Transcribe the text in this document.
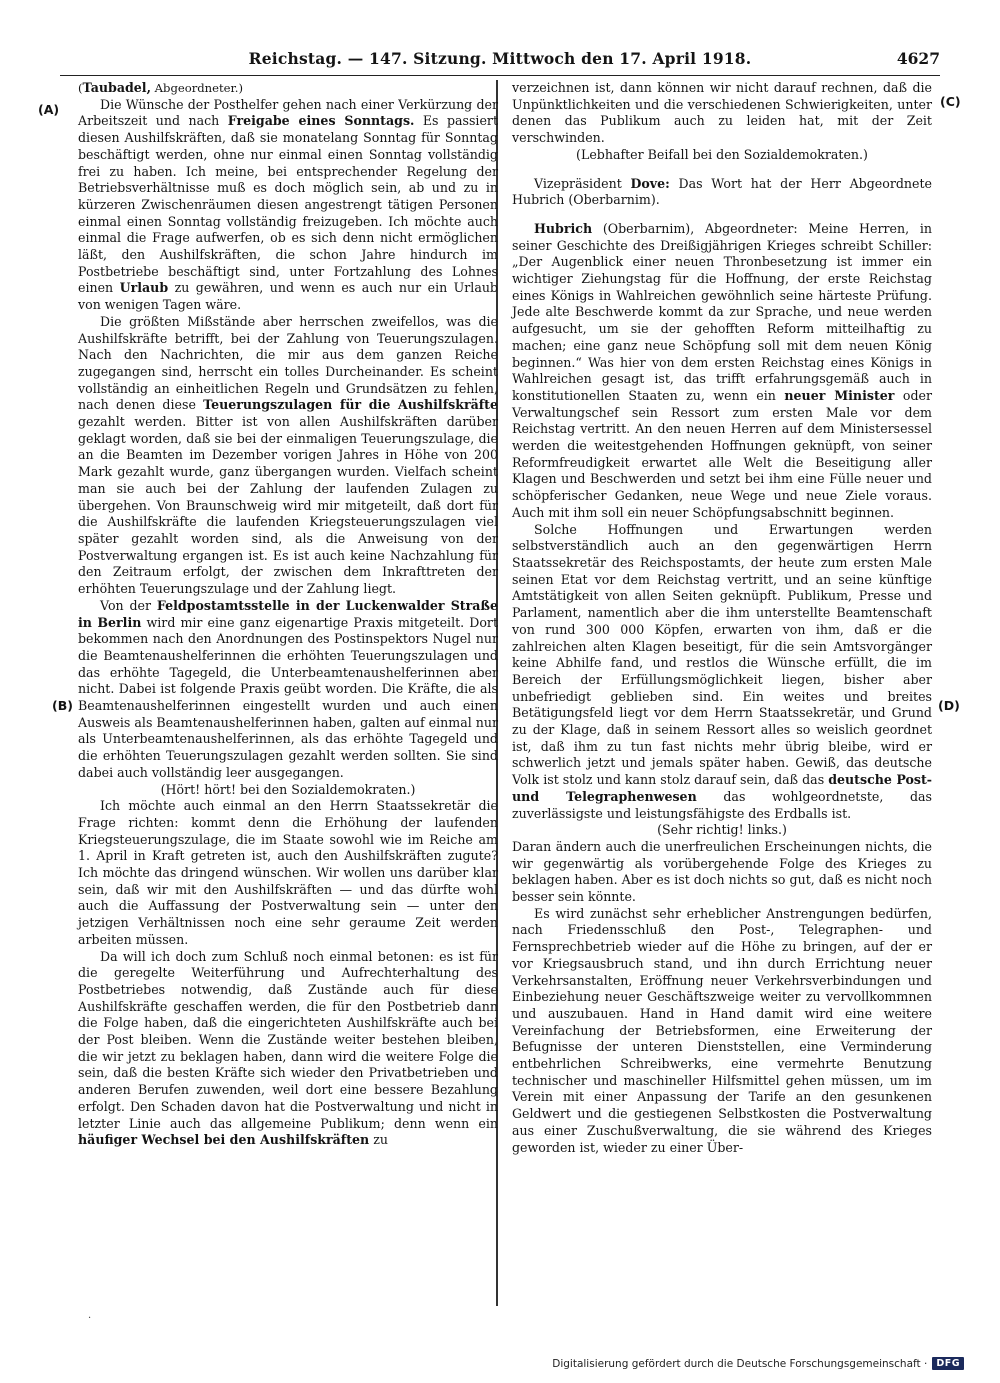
Reichstag. — 147. Sitzung. Mittwoch den 17. April 1918.	4627
(A)
(B)
(C)
(D)

(Taubadel, Abgeordneter.)

Die Wünsche der Posthelfer gehen nach einer Verkürzung der Arbeitszeit und nach Freigabe eines Sonntags. Es passiert diesen Aushilfskräften, daß sie monatelang Sonntag für Sonntag beschäftigt werden, ohne nur einmal einen Sonntag vollständig frei zu haben. Ich meine, bei entsprechender Regelung der Betriebsverhältnisse muß es doch möglich sein, ab und zu in kürzeren Zwischenräumen diesen angestrengt tätigen Personen einmal einen Sonntag vollständig freizugeben. Ich möchte auch einmal die Frage aufwerfen, ob es sich denn nicht ermöglichen läßt, den Aushilfskräften, die schon Jahre hindurch im Postbetriebe beschäftigt sind, unter Fortzahlung des Lohnes einen Urlaub zu gewähren, und wenn es auch nur ein Urlaub von wenigen Tagen wäre.

Die größten Mißstände aber herrschen zweifellos, was die Aushilfskräfte betrifft, bei der Zahlung von Teuerungszulagen. Nach den Nachrichten, die mir aus dem ganzen Reiche zugegangen sind, herrscht ein tolles Durcheinander. Es scheint vollständig an einheitlichen Regeln und Grundsätzen zu fehlen, nach denen diese Teuerungszulagen für die Aushilfskräfte gezahlt werden. Bitter ist von allen Aushilfskräften darüber geklagt worden, daß sie bei der einmaligen Teuerungszulage, die an die Beamten im Dezember vorigen Jahres in Höhe von 200 Mark gezahlt wurde, ganz übergangen wurden. Vielfach scheint man sie auch bei der Zahlung der laufenden Zulagen zu übergehen. Von Braunschweig wird mir mitgeteilt, daß dort für die Aushilfskräfte die laufenden Kriegsteuerungszulagen viel später gezahlt worden sind, als die Anweisung von der Postverwaltung ergangen ist. Es ist auch keine Nachzahlung für den Zeitraum erfolgt, der zwischen dem Inkrafttreten der erhöhten Teuerungszulage und der Zahlung liegt.

Von der Feldpostamtsstelle in der Luckenwalder Straße in Berlin wird mir eine ganz eigenartige Praxis mitgeteilt. Dort bekommen nach den Anordnungen des Postinspektors Nugel nur die Beamtenaushelferinnen die erhöhten Teuerungszulagen und das erhöhte Tagegeld, die Unterbeamtenaushelferinnen aber nicht. Dabei ist folgende Praxis geübt worden. Die Kräfte, die als Beamtenaushelferinnen eingestellt wurden und auch einen Ausweis als Beamtenaushelferinnen haben, galten auf einmal nur als Unterbeamtenaushelferinnen, als das erhöhte Tagegeld und die erhöhten Teuerungszulagen gezahlt werden sollten. Sie sind dabei auch vollständig leer ausgegangen.

(Hört! hört! bei den Sozialdemokraten.)

Ich möchte auch einmal an den Herrn Staatssekretär die Frage richten: kommt denn die Erhöhung der laufenden Kriegsteuerungszulage, die im Staate sowohl wie im Reiche am 1. April in Kraft getreten ist, auch den Aushilfskräften zugute? Ich möchte das dringend wünschen. Wir wollen uns darüber klar sein, daß wir mit den Aushilfskräften — und das dürfte wohl auch die Auffassung der Postverwaltung sein — unter den jetzigen Verhältnissen noch eine sehr geraume Zeit werden arbeiten müssen.

Da will ich doch zum Schluß noch einmal betonen: es ist für die geregelte Weiterführung und Aufrechterhaltung des Postbetriebes notwendig, daß Zustände auch für diese Aushilfskräfte geschaffen werden, die für den Postbetrieb dann die Folge haben, daß die eingerichteten Aushilfskräfte auch bei der Post bleiben. Wenn die Zustände weiter bestehen bleiben, die wir jetzt zu beklagen haben, dann wird die weitere Folge die sein, daß die besten Kräfte sich wieder den Privatbetrieben und anderen Berufen zuwenden, weil dort eine bessere Bezahlung erfolgt. Den Schaden davon hat die Postverwaltung und nicht in letzter Linie auch das allgemeine Publikum; denn wenn ein häufiger Wechsel bei den Aushilfskräften zu

verzeichnen ist, dann können wir nicht darauf rechnen, daß die Unpünktlichkeiten und die verschiedenen Schwierigkeiten, unter denen das Publikum auch zu leiden hat, mit der Zeit verschwinden.

(Lebhafter Beifall bei den Sozialdemokraten.)

Vizepräsident Dove: Das Wort hat der Herr Abgeordnete Hubrich (Oberbarnim).

Hubrich (Oberbarnim), Abgeordneter: Meine Herren, in seiner Geschichte des Dreißigjährigen Krieges schreibt Schiller: „Der Augenblick einer neuen Thronbesetzung ist immer ein wichtiger Ziehungstag für die Hoffnung, der erste Reichstag eines Königs in Wahlreichen gewöhnlich seine härteste Prüfung. Jede alte Beschwerde kommt da zur Sprache, und neue werden aufgesucht, um sie der gehofften Reform mitteilhaftig zu machen; eine ganz neue Schöpfung soll mit dem neuen König beginnen.“ Was hier von dem ersten Reichstag eines Königs in Wahlreichen gesagt ist, das trifft erfahrungsgemäß auch in konstitutionellen Staaten zu, wenn ein neuer Minister oder Verwaltungschef sein Ressort zum ersten Male vor dem Reichstag vertritt. An den neuen Herren auf dem Ministersessel werden die weitestgehenden Hoffnungen geknüpft, von seiner Reformfreudigkeit erwartet alle Welt die Beseitigung aller Klagen und Beschwerden und setzt bei ihm eine Fülle neuer und schöpferischer Gedanken, neue Wege und neue Ziele voraus. Auch mit ihm soll ein neuer Schöpfungsabschnitt beginnen.

Solche Hoffnungen und Erwartungen werden selbstverständlich auch an den gegenwärtigen Herrn Staatssekretär des Reichspostamts, der heute zum ersten Male seinen Etat vor dem Reichstag vertritt, und an seine künftige Amtstätigkeit von allen Seiten geknüpft. Publikum, Presse und Parlament, namentlich aber die ihm unterstellte Beamtenschaft von rund 300 000 Köpfen, erwarten von ihm, daß er die zahlreichen alten Klagen beseitigt, für die sein Amtsvorgänger keine Abhilfe fand, und restlos die Wünsche erfüllt, die im Bereich der Erfüllungsmöglichkeit liegen, bisher aber unbefriedigt geblieben sind. Ein weites und breites Betätigungsfeld liegt vor dem Herrn Staatssekretär, und Grund zu der Klage, daß in seinem Ressort alles so weislich geordnet ist, daß ihm zu tun fast nichts mehr übrig bleibe, wird er schwerlich jetzt und jemals später haben. Gewiß, das deutsche Volk ist stolz und kann stolz darauf sein, daß das deutsche Post- und Telegraphenwesen das wohlgeordnetste, das zuverlässigste und leistungsfähigste des Erdballs ist.

(Sehr richtig! links.)

Daran ändern auch die unerfreulichen Erscheinungen nichts, die wir gegenwärtig als vorübergehende Folge des Krieges zu beklagen haben. Aber es ist doch nichts so gut, daß es nicht noch besser sein könnte.

Es wird zunächst sehr erheblicher Anstrengungen bedürfen, nach Friedensschluß den Post-, Telegraphen- und Fernsprechbetrieb wieder auf die Höhe zu bringen, auf der er vor Kriegsausbruch stand, und ihn durch Errichtung neuer Verkehrsanstalten, Eröffnung neuer Verkehrsverbindungen und Einbeziehung neuer Geschäftszweige weiter zu vervollkommnen und auszubauen. Hand in Hand damit wird eine weitere Vereinfachung der Betriebsformen, eine Erweiterung der Befugnisse der unteren Dienststellen, eine Verminderung entbehrlichen Schreibwerks, eine vermehrte Benutzung technischer und maschineller Hilfsmittel gehen müssen, um im Verein mit einer Anpassung der Tarife an den gesunkenen Geldwert und die gestiegenen Selbstkosten die Postverwaltung aus einer Zuschußverwaltung, die sie während des Krieges geworden ist, wieder zu einer Über-

·
Digitalisierung gefördert durch die Deutsche Forschungsgemeinschaft · DFG
